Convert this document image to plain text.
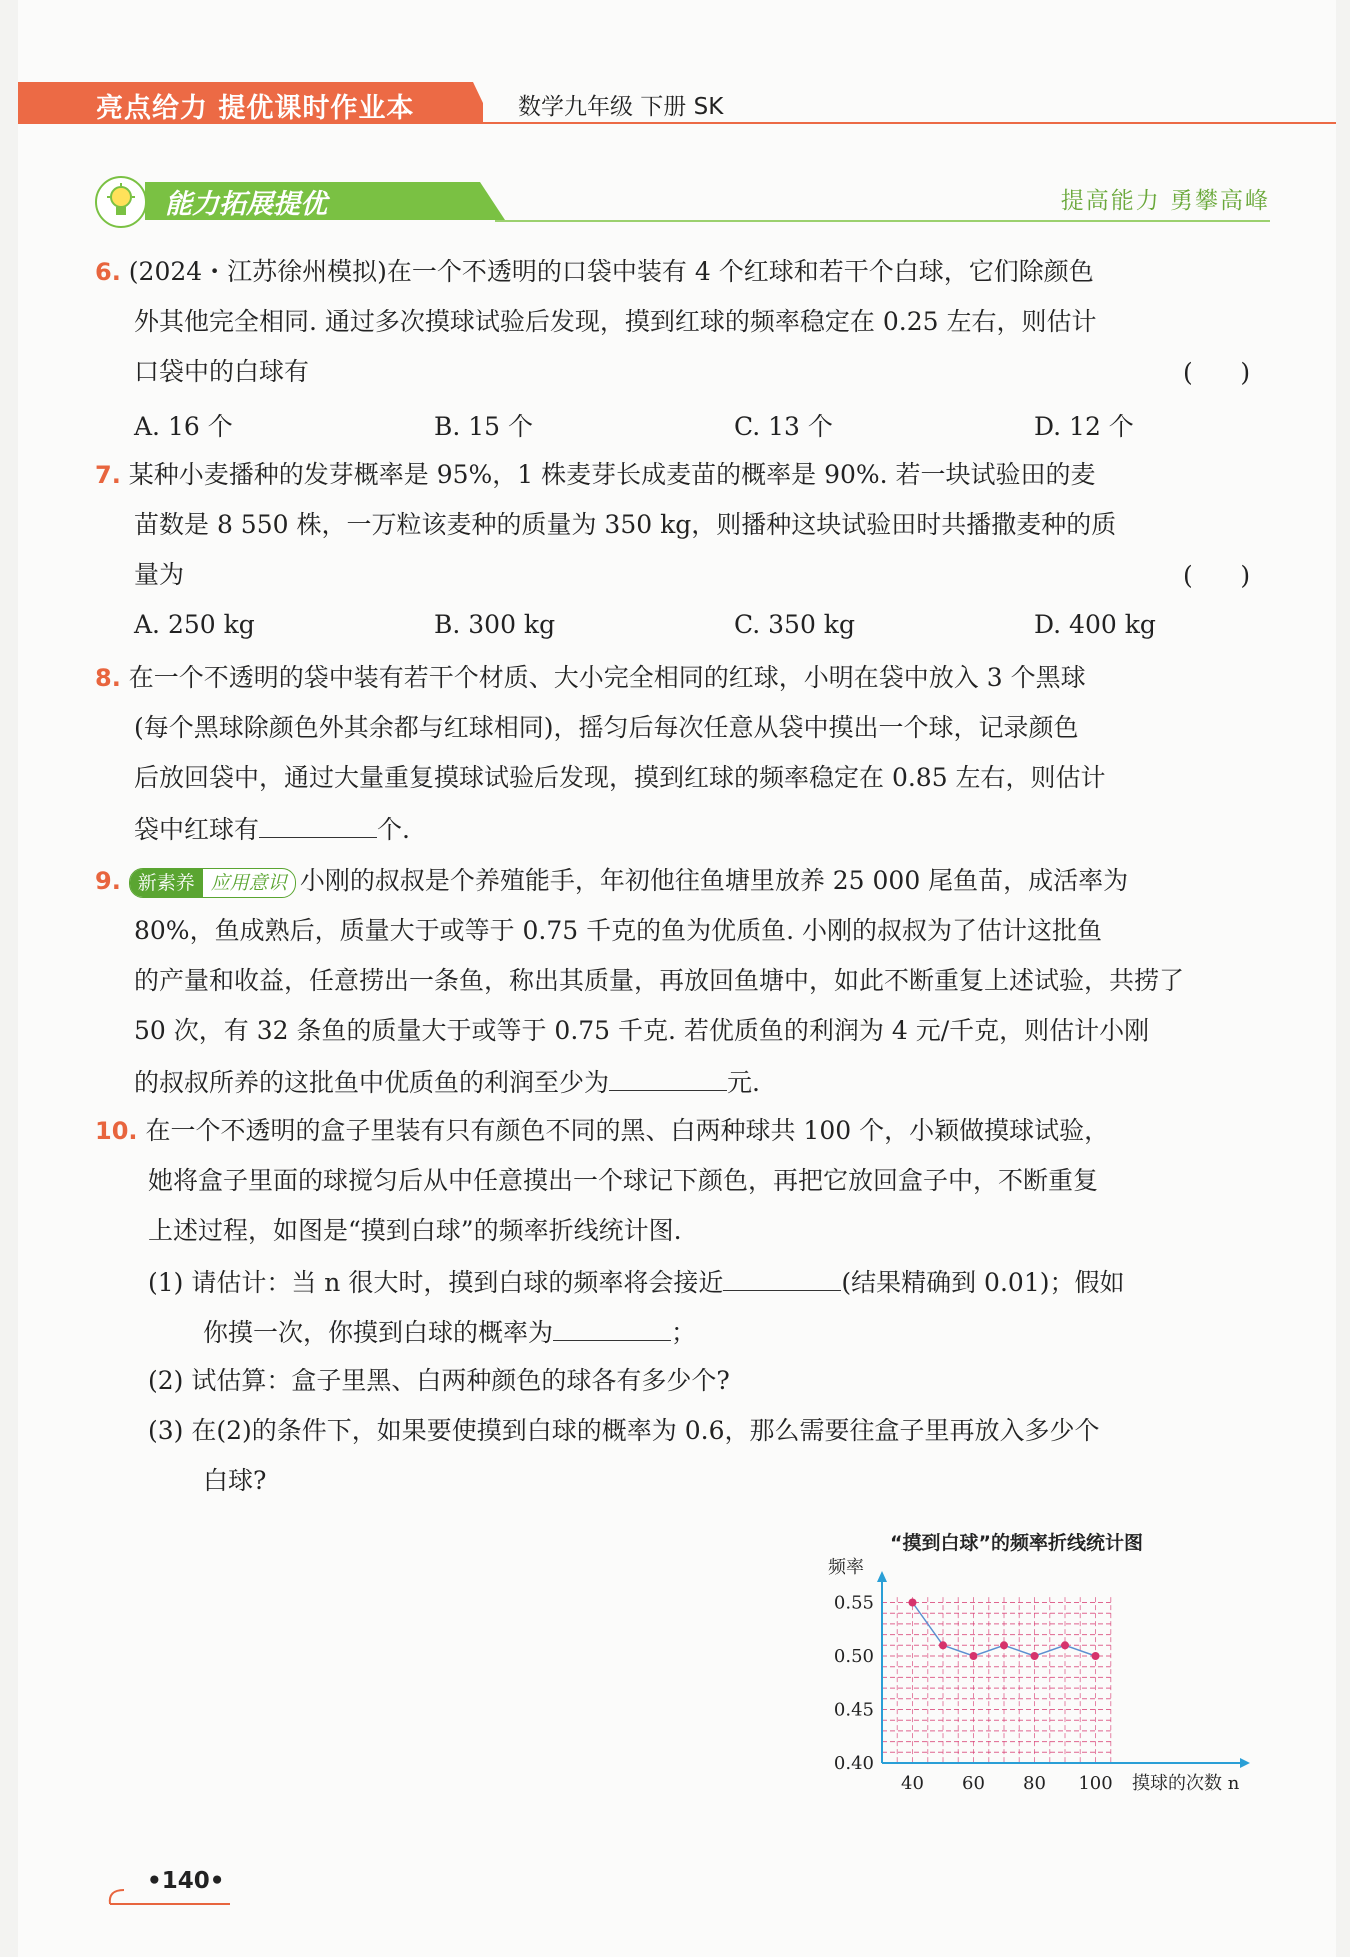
亮点给力 提优课时作业本	数学九年级 下册 SK
能力拓展提优	提高能力 勇攀高峰
6. (2024・江苏徐州模拟)在一个不透明的口袋中装有 4 个红球和若干个白球，它们除颜色
外其他完全相同. 通过多次摸球试验后发现，摸到红球的频率稳定在 0.25 左右，则估计
口袋中的白球有	(      )
A. 16 个	B. 15 个	C. 13 个	D. 12 个
7. 某种小麦播种的发芽概率是 95%，1 株麦芽长成麦苗的概率是 90%. 若一块试验田的麦
苗数是 8 550 株，一万粒该麦种的质量为 350 kg，则播种这块试验田时共播撒麦种的质
量为	(      )
A. 250 kg	B. 300 kg	C. 350 kg	D. 400 kg
8. 在一个不透明的袋中装有若干个材质、大小完全相同的红球，小明在袋中放入 3 个黑球
(每个黑球除颜色外其余都与红球相同)，摇匀后每次任意从袋中摸出一个球，记录颜色
后放回袋中，通过大量重复摸球试验后发现，摸到红球的频率稳定在 0.85 左右，则估计
袋中红球有	个.
9. 新素养 应用意识 小刚的叔叔是个养殖能手，年初他往鱼塘里放养 25 000 尾鱼苗，成活率为
80%，鱼成熟后，质量大于或等于 0.75 千克的鱼为优质鱼. 小刚的叔叔为了估计这批鱼
的产量和收益，任意捞出一条鱼，称出其质量，再放回鱼塘中，如此不断重复上述试验，共捞了
50 次，有 32 条鱼的质量大于或等于 0.75 千克. 若优质鱼的利润为 4 元/千克，则估计小刚
的叔叔所养的这批鱼中优质鱼的利润至少为	元.
10. 在一个不透明的盒子里装有只有颜色不同的黑、白两种球共 100 个，小颖做摸球试验，
她将盒子里面的球搅匀后从中任意摸出一个球记下颜色，再把它放回盒子中，不断重复
上述过程，如图是“摸到白球”的频率折线统计图.
(1) 请估计：当 n 很大时，摸到白球的频率将会接近	(结果精确到 0.01)；假如
你摸一次，你摸到白球的概率为	；
(2) 试估算：盒子里黑、白两种颜色的球各有多少个?
(3) 在(2)的条件下，如果要使摸到白球的概率为 0.6，那么需要往盒子里再放入多少个
白球?
“摸到白球”的频率折线统计图
0.40
0.45
0.50
0.55
40 60 80 100
频率
摸球的次数 n
•140•
